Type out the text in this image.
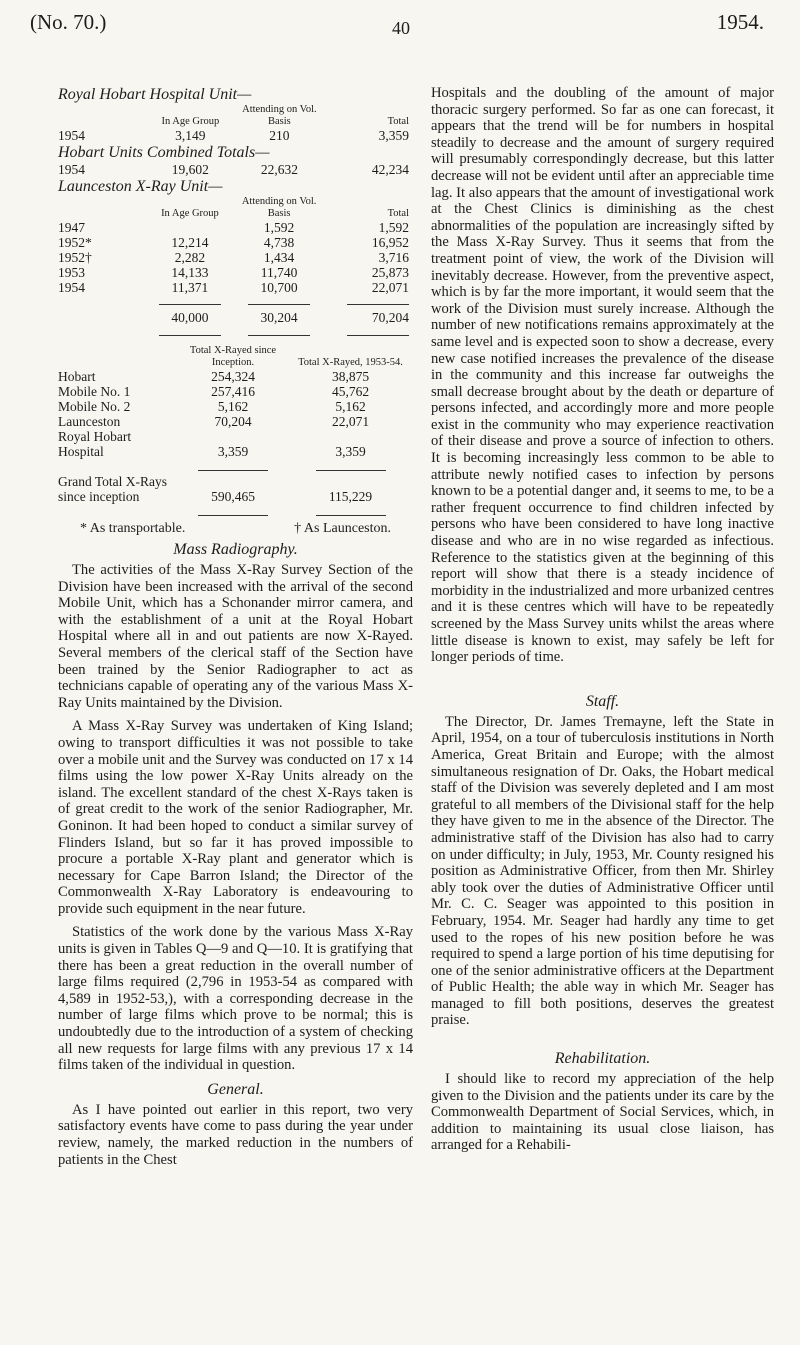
(No. 70.)	1954.
40

Royal Hobart Hospital Unit—

	In Age Group	Attending on Vol. Basis	Total
1954	3,149	210	3,359

Hobart Units Combined Totals—

1954	19,602	22,632	42,234

Launceston X-Ray Unit—

	In Age Group	Attending on Vol. Basis	Total
1947		1,592	1,592
1952*	12,214	4,738	16,952
1952†	2,282	1,434	3,716
1953	14,133	11,740	25,873
1954	11,371	10,700	22,071

	40,000	30,204	70,204

	Total X-Rayed since Inception.	Total X-Rayed, 1953-54.
Hobart	254,324	38,875
Mobile No. 1	257,416	45,762
Mobile No. 2	5,162	5,162
Launceston	70,204	22,071
Royal Hobart Hospital	3,359	3,359

Grand Total X-Rays since inception	590,465	115,229

* As transportable.	† As Launceston.
Mass Radiography.

The activities of the Mass X-Ray Survey Section of the Division have been increased with the arrival of the second Mobile Unit, which has a Schonander mirror camera, and with the establishment of a unit at the Royal Hobart Hospital where all in and out patients are now X-Rayed. Several members of the clerical staff of the Section have been trained by the Senior Radiographer to act as technicians capable of operating any of the various Mass X-Ray Units maintained by the Division.

A Mass X-Ray Survey was undertaken of King Island; owing to transport difficulties it was not possible to take over a mobile unit and the Survey was conducted on 17 x 14 films using the low power X-Ray Units already on the island. The excellent standard of the chest X-Rays taken is of great credit to the work of the senior Radiographer, Mr. Goninon. It had been hoped to conduct a similar survey of Flinders Island, but so far it has proved impossible to procure a portable X-Ray plant and generator which is necessary for Cape Barron Island; the Director of the Commonwealth X-Ray Laboratory is endeavouring to provide such equipment in the near future.

Statistics of the work done by the various Mass X-Ray units is given in Tables Q—9 and Q—10. It is gratifying that there has been a great reduction in the overall number of large films required (2,796 in 1953-54 as compared with 4,589 in 1952-53,), with a corresponding decrease in the number of large films which prove to be normal; this is undoubtedly due to the introduction of a system of checking all new requests for large films with any previous 17 x 14 films taken of the individual in question.

General.

As I have pointed out earlier in this report, two very satisfactory events have come to pass during the year under review, namely, the marked reduction in the numbers of patients in the Chest

Hospitals and the doubling of the amount of major thoracic surgery performed. So far as one can forecast, it appears that the trend will be for numbers in hospital steadily to decrease and the amount of surgery required will presumably correspondingly decrease, but this latter decrease will not be evident until after an appreciable time lag. It also appears that the amount of investigational work at the Chest Clinics is diminishing as the chest abnormalities of the population are increasingly sifted by the Mass X-Ray Survey. Thus it seems that from the treatment point of view, the work of the Division will inevitably decrease. However, from the preventive aspect, which is by far the more important, it would seem that the work of the Division must surely increase. Although the number of new notifications remains approximately at the same level and is expected soon to show a decrease, every new case notified increases the prevalence of the disease in the community and this increase far outweighs the small decrease brought about by the death or departure of persons infected, and accordingly more and more people exist in the community who may experience reactivation of their disease and prove a source of infection to others. It is becoming increasingly less common to be able to attribute newly notified cases to infection by persons known to be a potential danger and, it seems to me, to be a rather frequent occurrence to find children infected by persons who have been considered to have long inactive disease and who are in no wise regarded as infectious. Reference to the statistics given at the beginning of this report will show that there is a steady incidence of morbidity in the industrialized and more urbanized centres and it is these centres which will have to be repeatedly screened by the Mass Survey units whilst the areas where little disease is known to exist, may safely be left for longer periods of time.

Staff.

The Director, Dr. James Tremayne, left the State in April, 1954, on a tour of tuberculosis institutions in North America, Great Britain and Europe; with the almost simultaneous resignation of Dr. Oaks, the Hobart medical staff of the Division was severely depleted and I am most grateful to all members of the Divisional staff for the help they have given to me in the absence of the Director. The administrative staff of the Division has also had to carry on under difficulty; in July, 1953, Mr. County resigned his position as Administrative Officer, from then Mr. Shirley ably took over the duties of Administrative Officer until Mr. C. C. Seager was appointed to this position in February, 1954. Mr. Seager had hardly any time to get used to the ropes of his new position before he was required to spend a large portion of his time deputising for one of the senior administrative officers at the Department of Public Health; the able way in which Mr. Seager has managed to fill both positions, deserves the greatest praise.

Rehabilitation.

I should like to record my appreciation of the help given to the Division and the patients under its care by the Commonwealth Department of Social Services, which, in addition to maintaining its usual close liaison, has arranged for a Rehabili-
